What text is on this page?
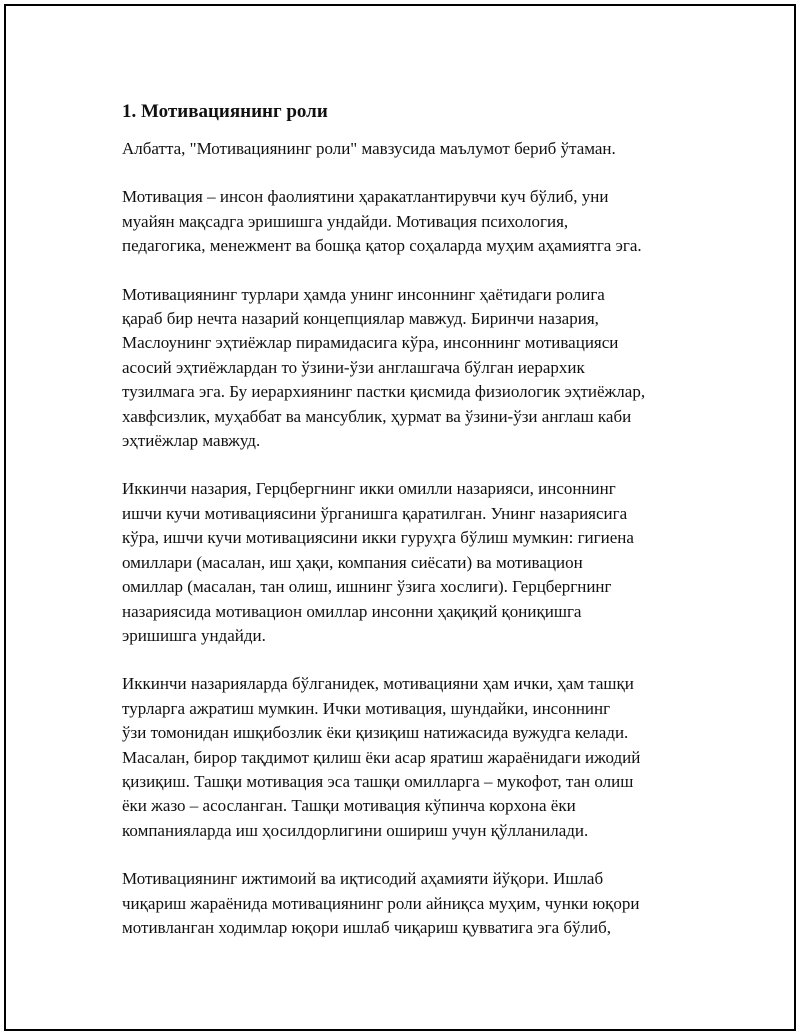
1. Мотивациянинг роли
Албатта, "Мотивациянинг роли" мавзусида маълумот бериб ўтаман.
Мотивация – инсон фаолиятини ҳаракатлантирувчи куч бўлиб, уни
муайян мақсадга эришишга ундайди. Мотивация психология,
педагогика, менежмент ва бошқа қатор соҳаларда муҳим аҳамиятга эга.
Мотивациянинг турлари ҳамда унинг инсоннинг ҳаётидаги ролига
қараб бир нечта назарий концепциялар мавжуд. Биринчи назария,
Маслоунинг эҳтиёжлар пирамидасига кўра, инсоннинг мотивацияси
асосий эҳтиёжлардан то ўзини-ўзи англашгача бўлган иерархик
тузилмага эга. Бу иерархиянинг пастки қисмида физиологик эҳтиёжлар,
хавфсизлик, муҳаббат ва мансублик, ҳурмат ва ўзини-ўзи англаш каби
эҳтиёжлар мавжуд.
Иккинчи назария, Герцбергнинг икки омилли назарияси, инсоннинг
ишчи кучи мотивациясини ўрганишга қаратилган. Унинг назариясига
кўра, ишчи кучи мотивациясини икки гуруҳга бўлиш мумкин: гигиена
омиллари (масалан, иш ҳақи, компания сиёсати) ва мотивацион
омиллар (масалан, тан олиш, ишнинг ўзига хослиги). Герцбергнинг
назариясида мотивацион омиллар инсонни ҳақиқий қониқишга
эришишга ундайди.
Иккинчи назарияларда бўлганидек, мотивацияни ҳам ички, ҳам ташқи
турларга ажратиш мумкин. Ички мотивация, шундайки, инсоннинг
ўзи томонидан ишқибозлик ёки қизиқиш натижасида вужудга келади.
Масалан, бирор тақдимот қилиш ёки асар яратиш жараёнидаги ижодий
қизиқиш. Ташқи мотивация эса ташқи омилларга – мукофот, тан олиш
ёки жазо – асосланган. Ташқи мотивация кўпинча корхона ёки
компанияларда иш ҳосилдорлигини ошириш учун қўлланилади.
Мотивациянинг ижтимоий ва иқтисодий аҳамияти йўқори. Ишлаб
чиқариш жараёнида мотивациянинг роли айниқса муҳим, чунки юқори
мотивланган ходимлар юқори ишлаб чиқариш қувватига эга бўлиб,
